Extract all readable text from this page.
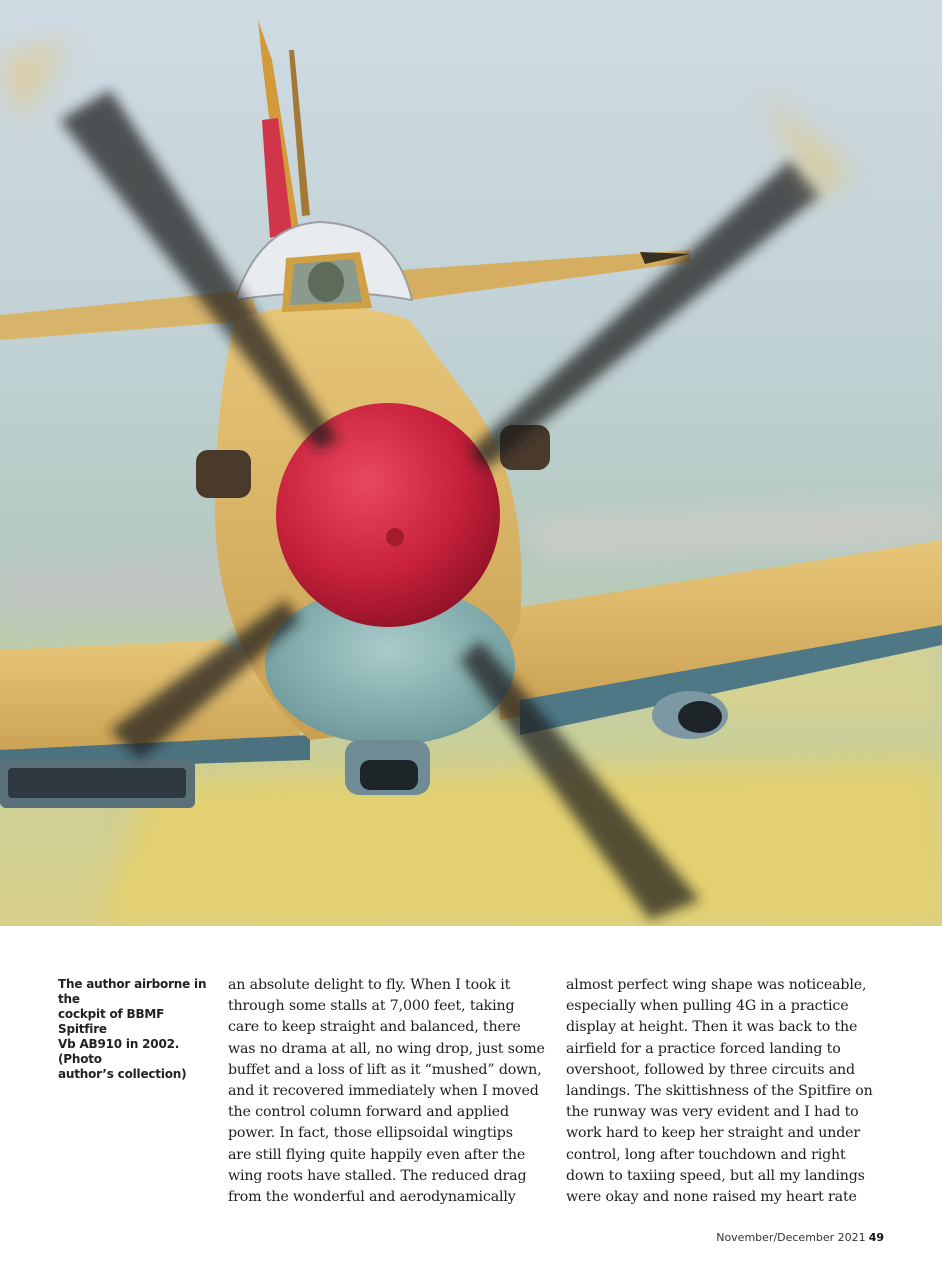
The author airborne in the
cockpit of BBMF Spitfire
Vb AB910 in 2002. (Photo
author’s collection)
an absolute delight to fly. When I took it
through some stalls at 7,000 feet, taking
care to keep straight and balanced, there
was no drama at all, no wing drop, just some
buffet and a loss of lift as it “mushed” down,
and it recovered immediately when I moved
the control column forward and applied
power. In fact, those ellipsoidal wingtips
are still flying quite happily even after the
wing roots have stalled. The reduced drag
from the wonderful and aerodynamically
almost perfect wing shape was noticeable,
especially when pulling 4G in a practice
display at height. Then it was back to the
airfield for a practice forced landing to
overshoot, followed by three circuits and
landings. The skittishness of the Spitfire on
the runway was very evident and I had to
work hard to keep her straight and under
control, long after touchdown and right
down to taxiing speed, but all my landings
were okay and none raised my heart rate
November/December 2021 49
